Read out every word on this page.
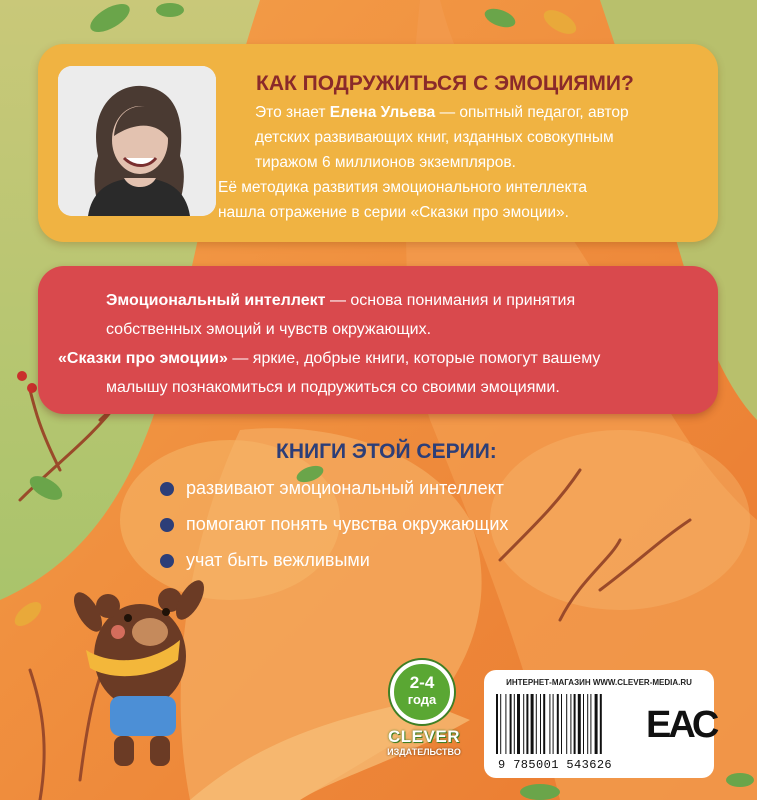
КАК ПОДРУЖИТЬСЯ С ЭМОЦИЯМИ?
Это знает Елена Ульева — опытный педагог, автор
детских развивающих книг, изданных совокупным
тиражом 6 миллионов экземпляров.
Её методика развития эмоционального интеллекта
нашла отражение в серии «Сказки про эмоции».
Эмоциональный интеллект — основа понимания и принятия
собственных эмоций и чувств окружающих.
«Сказки про эмоции» — яркие, добрые книги, которые помогут вашему
малышу познакомиться и подружиться со своими эмоциями.
КНИГИ ЭТОЙ СЕРИИ:
развивают эмоциональный интеллект
помогают понять чувства окружающих
учат быть вежливыми
2-4
года
CLEVER
ИЗДАТЕЛЬСТВО
ИНТЕРНЕТ-МАГАЗИН WWW.CLEVER-MEDIA.RU
9 785001 543626
ЕАС
